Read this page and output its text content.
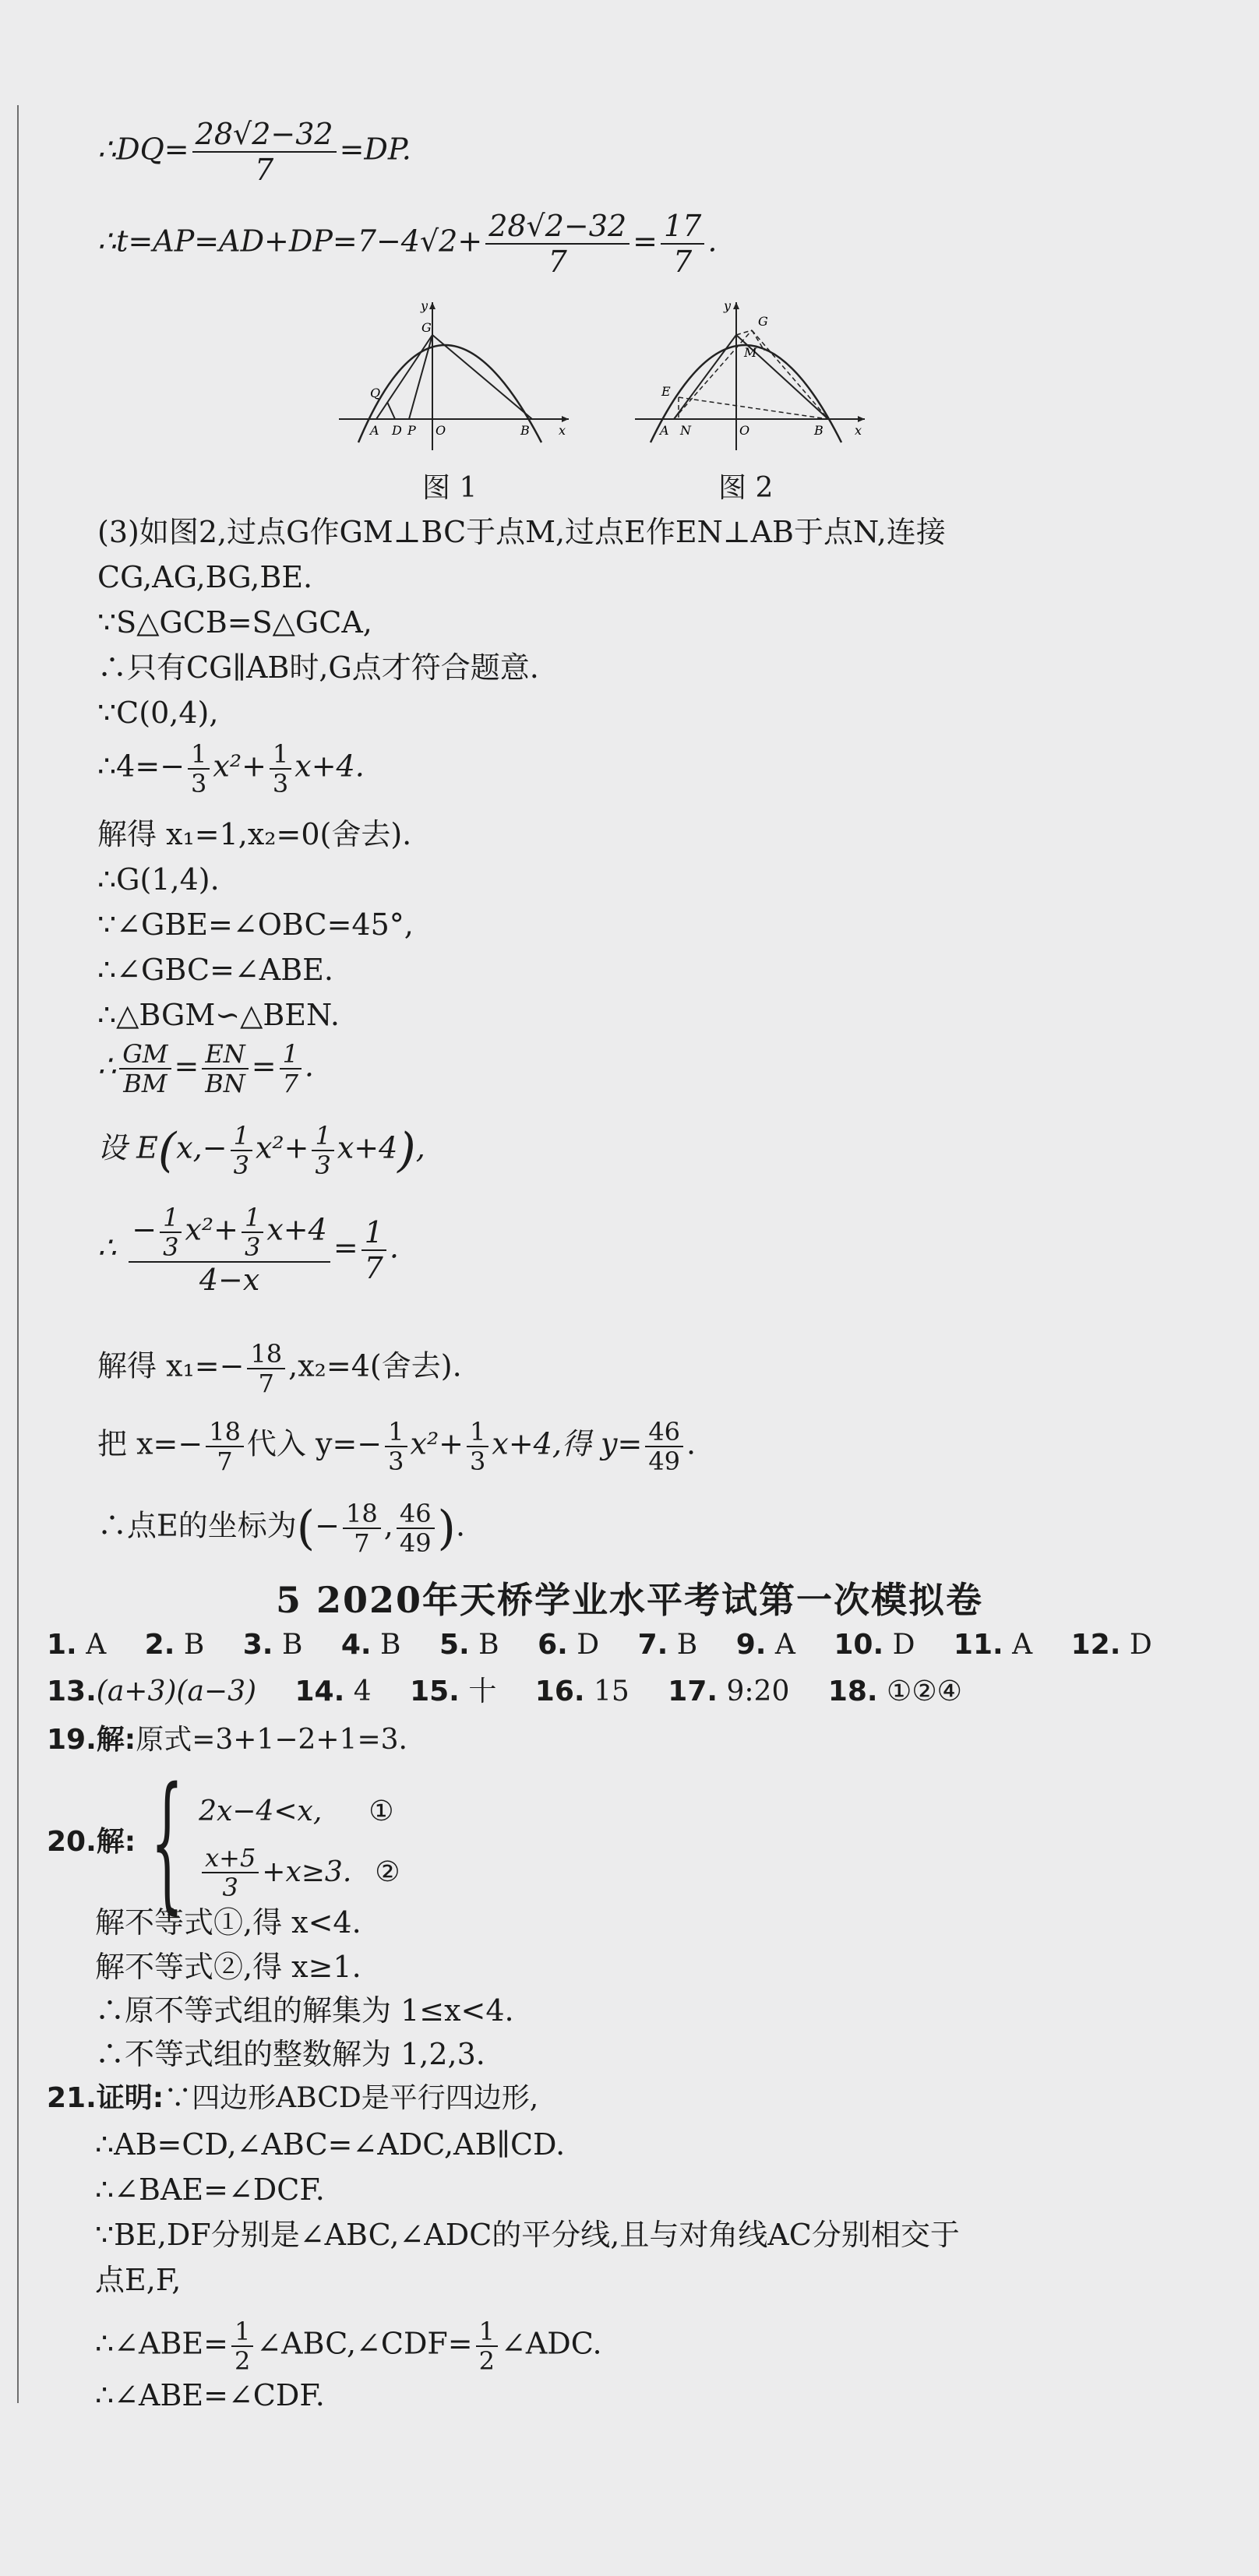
∴DQ= $\frac{28√2-32}{7} =DP$.
∴t=AP=AD+DP=7−4√2+ $\frac{28√2-32}{7} = \frac{17}{7}$ .
y
G
Q
A D P O	B x
图 1
y
G
M
E
A N	O	B	x
图 2
(3)如图2,过点G作GM⊥BC于点M,过点E作EN⊥AB于点N,连接
CG,AG,BG,BE.
∵S△GCB=S△GCA,
∴只有CG∥AB时,G点才符合题意.
∵C(0,4),
∴4=− $\frac{1}{3} x^2+ \frac{1}{3} x+4$.
解得 x₁=1,x₂=0(舍去).
∴G(1,4).
∵∠GBE=∠OBC=45°,
∴∠GBC=∠ABE.
∴△BGM∽△BEN.
∴ $\frac{GM}{BM} = \frac{EN}{BN} = \frac{1}{7}$ .
设 $E(x,- \frac{1}{3} x^2+ \frac{1}{3} x+4)$,
∴ $\frac{- \frac{1}{3} x^2+ \frac{1}{3} x+4}{4-x} = \frac{1}{7}$ .
解得 $x_1=- \frac{18}{7} ,x_2=4$(舍去).
把 $x=- \frac{18}{7}$ 代入 $y=- \frac{1}{3} x^2+ \frac{1}{3} x+4$,得 $y= \frac{46}{49}$ .
∴点E的坐标为(− $\frac{18}{7}$ , $\frac{46}{49}$ ).
5 2020年天桥学业水平考试第一次模拟卷
1. A 2. B 3. B 4. B 5. B 6. D 7. B 9. A 10. D 11. A 12. D
13.(a+3)(a−3) 14. 4 15. 十 16. 15 17. 9:20 18. ①②④
19.解:原式=3+1−2+1=3.
20.解: { 2x−4<x, ①
$\frac{x+5}{3} +x\ge 3$. ②
解不等式①,得 x<4.
解不等式②,得 x≥1.
∴原不等式组的解集为 1≤x<4.
∴不等式组的整数解为 1,2,3.
21.证明:∵四边形ABCD是平行四边形,
∴AB=CD,∠ABC=∠ADC,AB∥CD.
∴∠BAE=∠DCF.
∵BE,DF分别是∠ABC,∠ADC的平分线,且与对角线AC分别相交于
点E,F,
∴∠ABE= $\frac{1}{2}$ ∠ABC,∠CDF= $\frac{1}{2}$ ∠ADC.
∴∠ABE=∠CDF.
